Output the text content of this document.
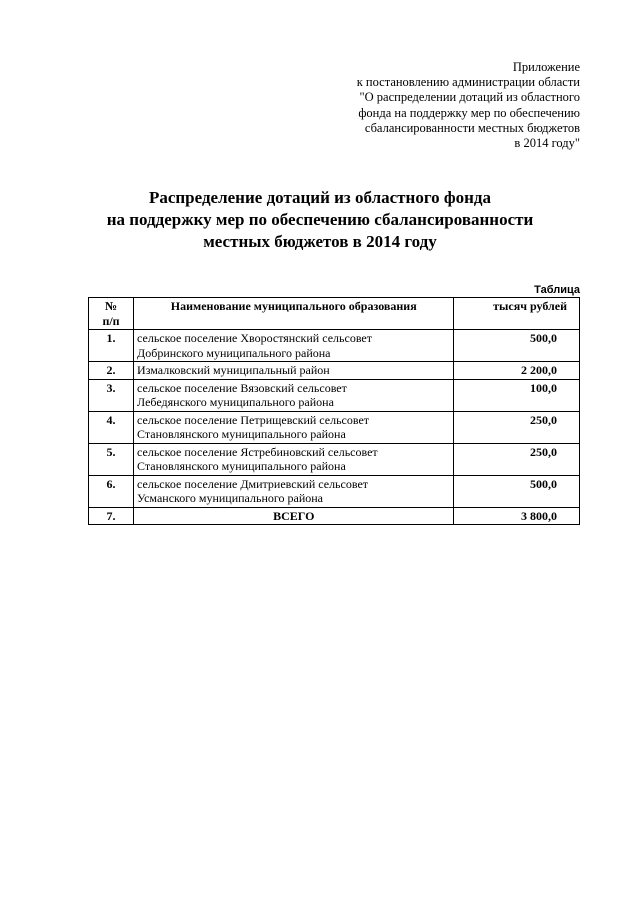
Приложение
к постановлению администрации области
"О распределении дотаций из областного
фонда на поддержку мер по обеспечению
сбалансированности местных бюджетов
в 2014 году"
Распределение дотаций из областного фонда
на поддержку мер по обеспечению сбалансированности
местных бюджетов в 2014 году
Таблица
№
п/п	Наименование муниципального образования	тысяч рублей
1.	сельское поселение Хворостянский сельсовет
Добринского муниципального района	500,0
2.	Измалковский муниципальный район	2 200,0
3.	сельское поселение Вязовский сельсовет
Лебедянского муниципального района	100,0
4.	сельское поселение Петрищевский сельсовет
Становлянского муниципального района	250,0
5.	сельское поселение Ястребиновский сельсовет
Становлянского муниципального района	250,0
6.	сельское поселение Дмитриевский сельсовет
Усманского муниципального района	500,0
7.	ВСЕГО	3 800,0
